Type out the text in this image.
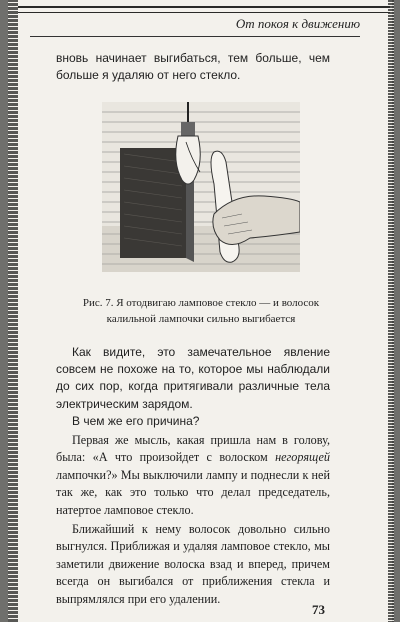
От покоя к движению

вновь начинает выгибаться, тем больше, чем больше я удаляю от него стекло.

Рис. 7. Я отодвигаю ламповое стекло — и волосок
калильной лампочки сильно выгибается

Как видите, это замечательное явление совсем не похоже на то, которое мы наблюдали до сих пор, когда притягивали различные тела электрическим зарядом.

В чем же его причина?

Первая же мысль, какая пришла нам в голову, была: «А что произойдет с волоском негорящей лампочки?» Мы выключили лампу и поднесли к ней так же, как это только что делал председатель, натертое ламповое стекло.

Ближайший к нему волосок довольно сильно выгнулся. Приближая и удаляя ламповое стекло, мы заметили движение волоска взад и вперед, причем всегда он выгибался от приближения стекла и выпрямлялся при его удалении.

73
